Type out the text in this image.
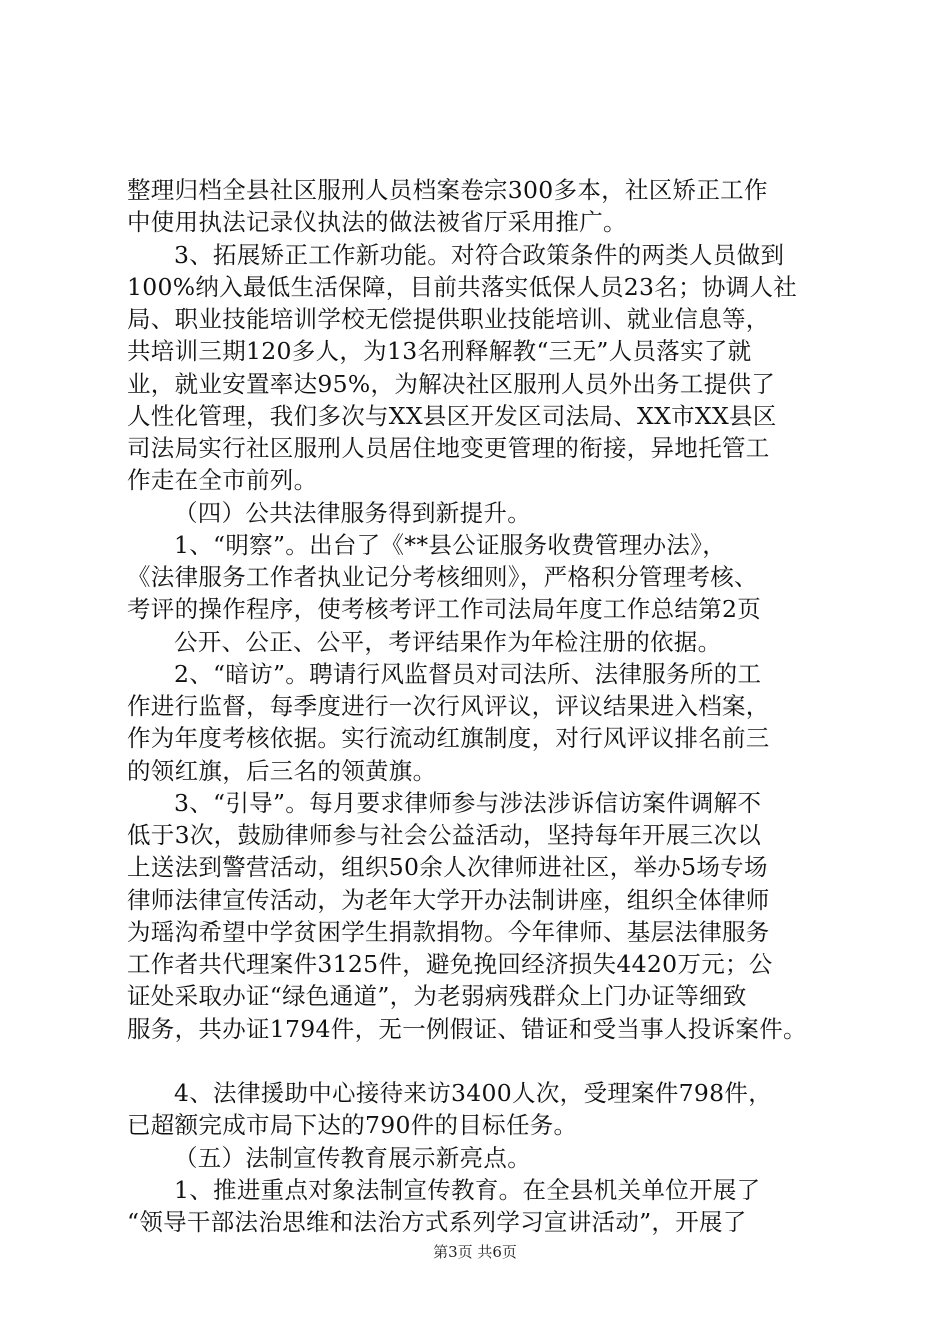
整理归档全县社区服刑人员档案卷宗300多本，社区矫正工作
中使用执法记录仪执法的做法被省厅采用推广。
3、拓展矫正工作新功能。对符合政策条件的两类人员做到
100%纳入最低生活保障，目前共落实低保人员23名；协调人社
局、职业技能培训学校无偿提供职业技能培训、就业信息等，
共培训三期120多人，为13名刑释解教“三无”人员落实了就
业，就业安置率达95%，为解决社区服刑人员外出务工提供了
人性化管理，我们多次与XX县区开发区司法局、XX市XX县区
司法局实行社区服刑人员居住地变更管理的衔接，异地托管工
作走在全市前列。
（四）公共法律服务得到新提升。
1、“明察”。出台了《**县公证服务收费管理办法》，
《法律服务工作者执业记分考核细则》，严格积分管理考核、
考评的操作程序，使考核考评工作司法局年度工作总结第2页
公开、公正、公平，考评结果作为年检注册的依据。
2、“暗访”。聘请行风监督员对司法所、法律服务所的工
作进行监督，每季度进行一次行风评议，评议结果进入档案，
作为年度考核依据。实行流动红旗制度，对行风评议排名前三
的领红旗，后三名的领黄旗。
3、“引导”。每月要求律师参与涉法涉诉信访案件调解不
低于3次，鼓励律师参与社会公益活动，坚持每年开展三次以
上送法到警营活动，组织50余人次律师进社区，举办5场专场
律师法律宣传活动，为老年大学开办法制讲座，组织全体律师
为瑶沟希望中学贫困学生捐款捐物。今年律师、基层法律服务
工作者共代理案件3125件，避免挽回经济损失4420万元；公
证处采取办证“绿色通道”，为老弱病残群众上门办证等细致
服务，共办证1794件，无一例假证、错证和受当事人投诉案件。
4、法律援助中心接待来访3400人次，受理案件798件，
已超额完成市局下达的790件的目标任务。
（五）法制宣传教育展示新亮点。
1、推进重点对象法制宣传教育。在全县机关单位开展了
“领导干部法治思维和法治方式系列学习宣讲活动”，开展了
第3页 共6页
